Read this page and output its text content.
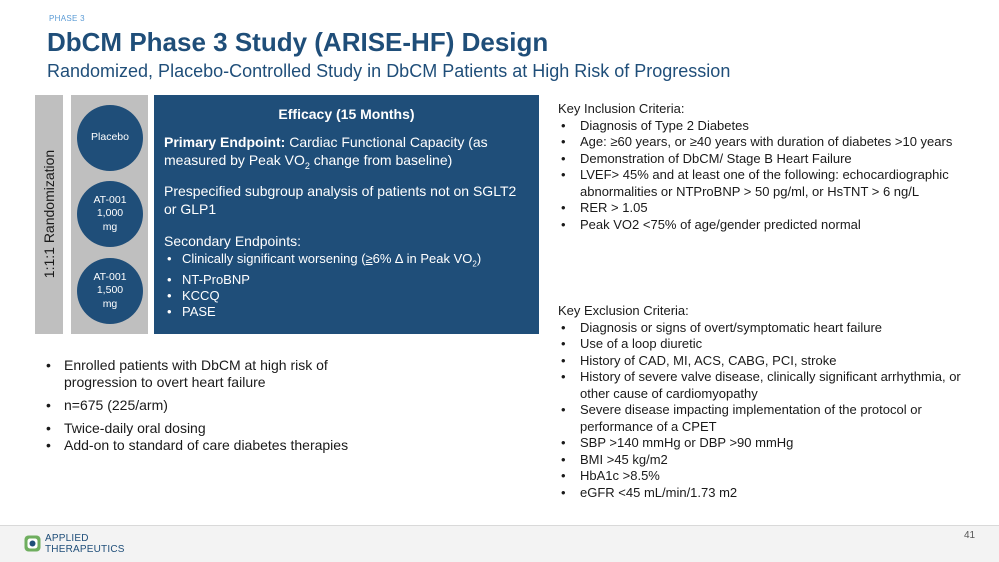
PHASE 3
DbCM Phase 3 Study (ARISE-HF) Design
Randomized, Placebo-Controlled Study in DbCM Patients at High Risk of Progression
1:1:1 Randomization
Placebo
AT-001
1,000
mg
AT-001
1,500
mg
Efficacy (15 Months)
Primary Endpoint: Cardiac Functional Capacity (as measured by Peak $VO_2$ change from baseline)
Prespecified subgroup analysis of patients not on SGLT2 or GLP1
Secondary Endpoints:
• Clinically significant worsening (≥6% ∆ in Peak $VO_2$)
• NT-ProBNP
• KCCQ
• PASE
• Enrolled patients with DbCM at high risk of progression to overt heart failure
• n=675 (225/arm)
• Twice-daily oral dosing
• Add-on to standard of care diabetes therapies
Key Inclusion Criteria:
• Diagnosis of Type 2 Diabetes
• Age: ≥60 years, or ≥40 years with duration of diabetes >10 years
• Demonstration of DbCM/ Stage B Heart Failure
• LVEF> 45% and at least one of the following: echocardiographic abnormalities or NTProBNP > 50 pg/ml, or HsTNT > 6 ng/L
• RER > 1.05
• Peak VO2 <75% of age/gender predicted normal
Key Exclusion Criteria:
• Diagnosis or signs of overt/symptomatic heart failure
• Use of a loop diuretic
• History of CAD, MI, ACS, CABG, PCI, stroke
• History of severe valve disease, clinically significant arrhythmia, or other cause of cardiomyopathy
• Severe disease impacting implementation of the protocol or performance of a CPET
• SBP >140 mmHg or DBP >90 mmHg
• BMI >45 kg/m2
• HbA1c >8.5%
• eGFR <45 mL/min/1.73 m2
APPLIED
THERAPEUTICS
41
